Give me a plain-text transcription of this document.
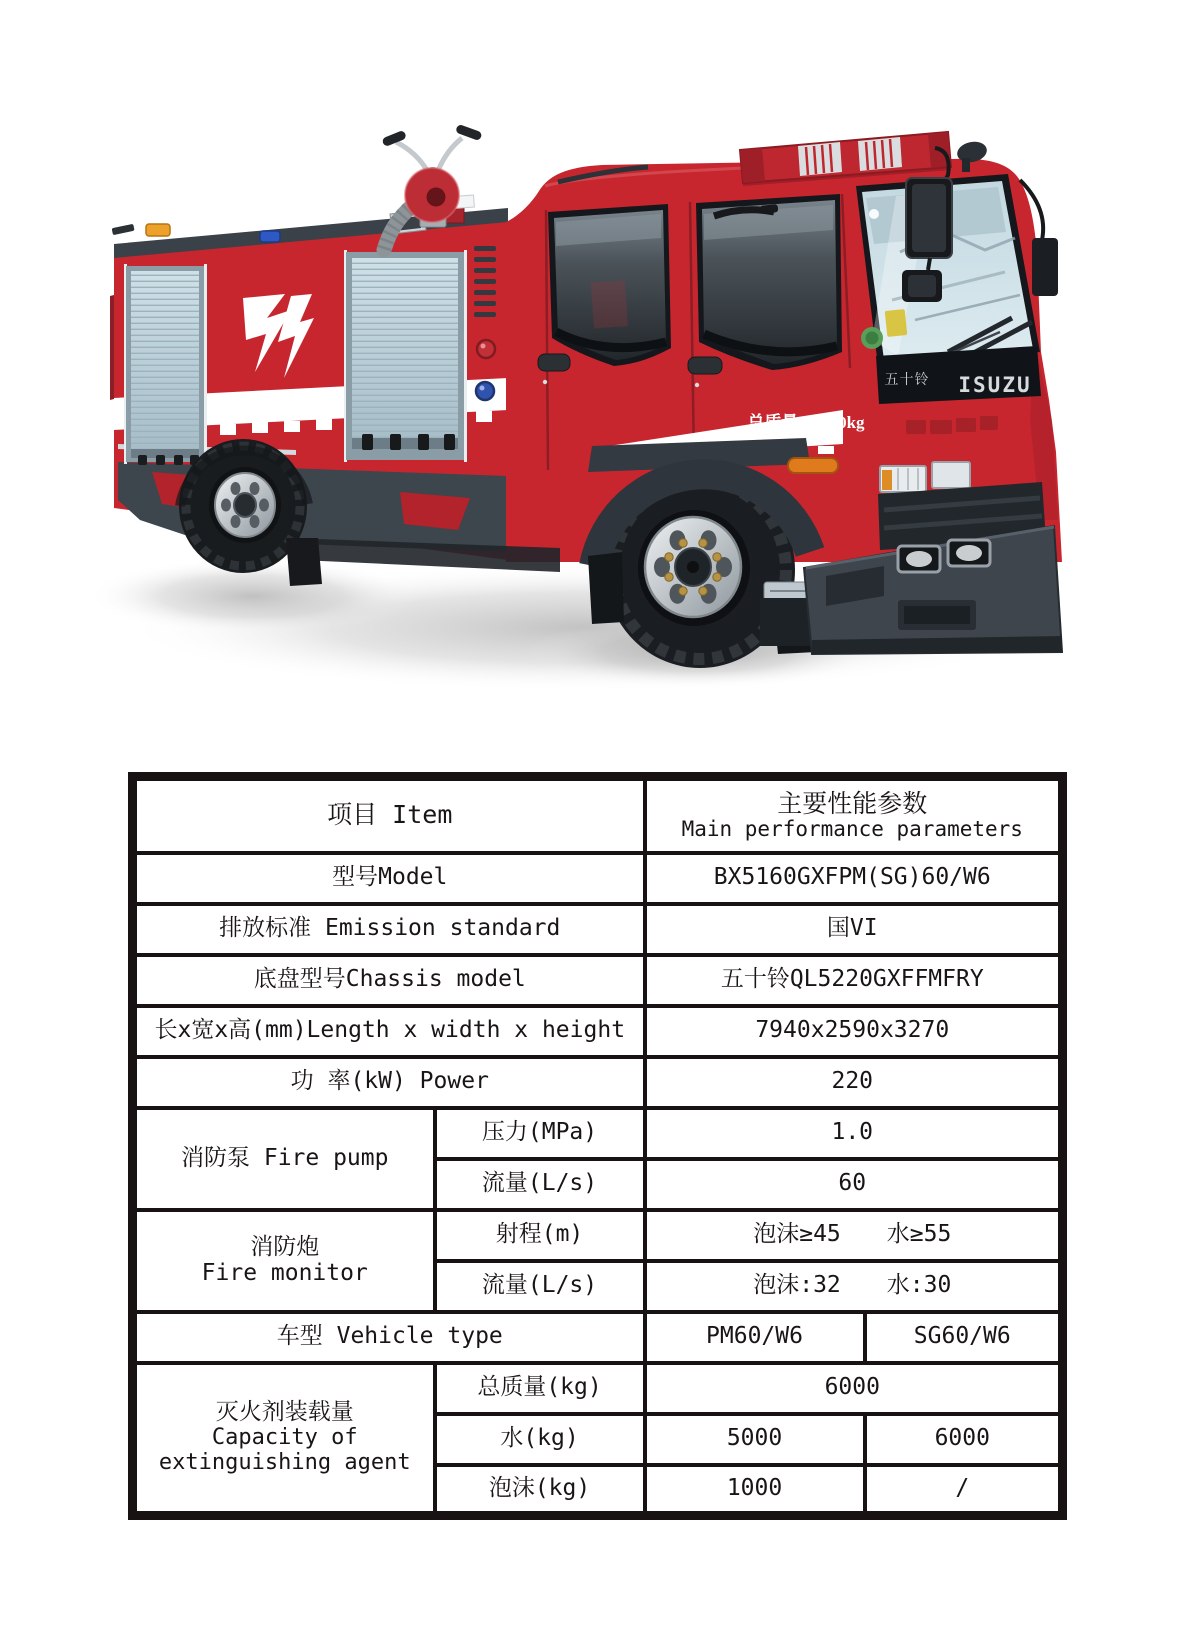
总质量:16100kg
五十铃 ISUZU
项目 Item		主要性能参数
Main performance parameters	

型号Model		BX5160GXFPM(SG)60/W6	
排放标准 Emission standard		国VI	
底盘型号Chassis model		五十铃QL5220GXFFMFRY	
长x宽x高(mm)Length x width x height		7940x2590x3270	
功 率(kW) Power		220	
消防泵 Fire pump	压力(MPa)	1.0	
	流量(L/s)	60	

消防炮
Fire monitor
	射程(m)	泡沫≥45 水≥55

	流量(L/s)	泡沫:32 水:30	

车型 Vehicle type		PM60/W6	SG60/W6

灭火剂装载量
Capacity of
extinguishing agent	总质量(kg)	6000	
	水(kg)	5000	6000
	泡沫(kg)	1000	/
